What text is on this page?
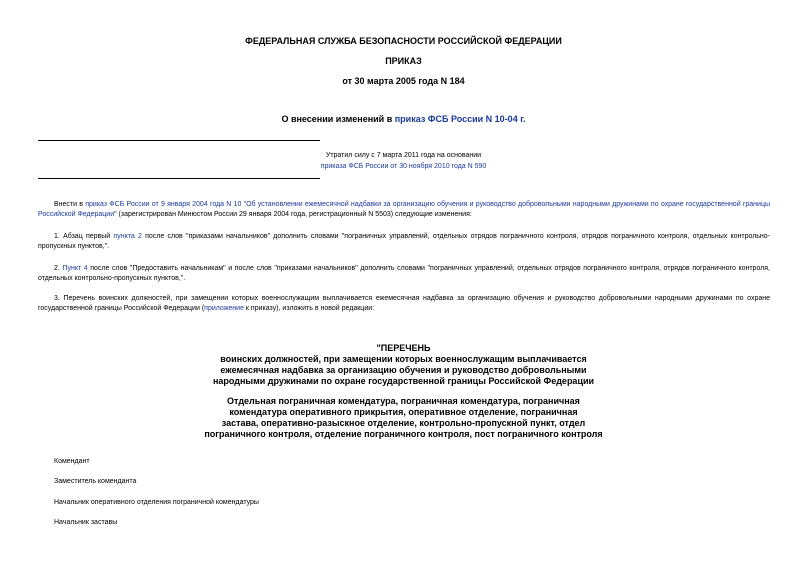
ФЕДЕРАЛЬНАЯ СЛУЖБА БЕЗОПАСНОСТИ РОССИЙСКОЙ ФЕДЕРАЦИИ
ПРИКАЗ
от 30 марта 2005 года N 184
О внесении изменений в приказ ФСБ России N 10-04 г.
Утратил силу с 7 марта 2011 года на основании
приказа ФСБ России от 30 ноября 2010 года N 590
Внести в приказ ФСБ России от 9 января 2004 года N 10 "Об установлении ежемесячной надбавки за организацию обучения и руководство добровольными народными дружинами по охране государственной границы Российской Федерации" (зарегистрирован Минюстом России 29 января 2004 года, регистрационный N 5503) следующие изменения:
1. Абзац первый пункта 2 после слов "приказами начальников" дополнить словами "пограничных управлений, отдельных отрядов пограничного контроля, отрядов пограничного контроля, отдельных контрольно-пропускных пунктов,".
2. Пункт 4 после слов "Предоставить начальникам" и после слов "приказами начальников" дополнить словами "пограничных управлений, отдельных отрядов пограничного контроля, отрядов пограничного контроля, отдельных контрольно-пропускных пунктов,".
3. Перечень воинских должностей, при замещении которых военнослужащим выплачивается ежемесячная надбавка за организацию обучения и руководство добровольными народными дружинами по охране государственной границы Российской Федерации (приложение к приказу), изложить в новой редакции:
"ПЕРЕЧЕНЬ
воинских должностей, при замещении которых военнослужащим выплачивается
ежемесячная надбавка за организацию обучения и руководство добровольными
народными дружинами по охране государственной границы Российской Федерации
Отдельная пограничная комендатура, пограничная комендатура, пограничная
комендатура оперативного прикрытия, оперативное отделение, пограничная
застава, оперативно-разыскное отделение, контрольно-пропускной пункт, отдел
пограничного контроля, отделение пограничного контроля, пост пограничного контроля
Комендант
Заместитель коменданта
Начальник оперативного отделения пограничной комендатуры
Начальник заставы
